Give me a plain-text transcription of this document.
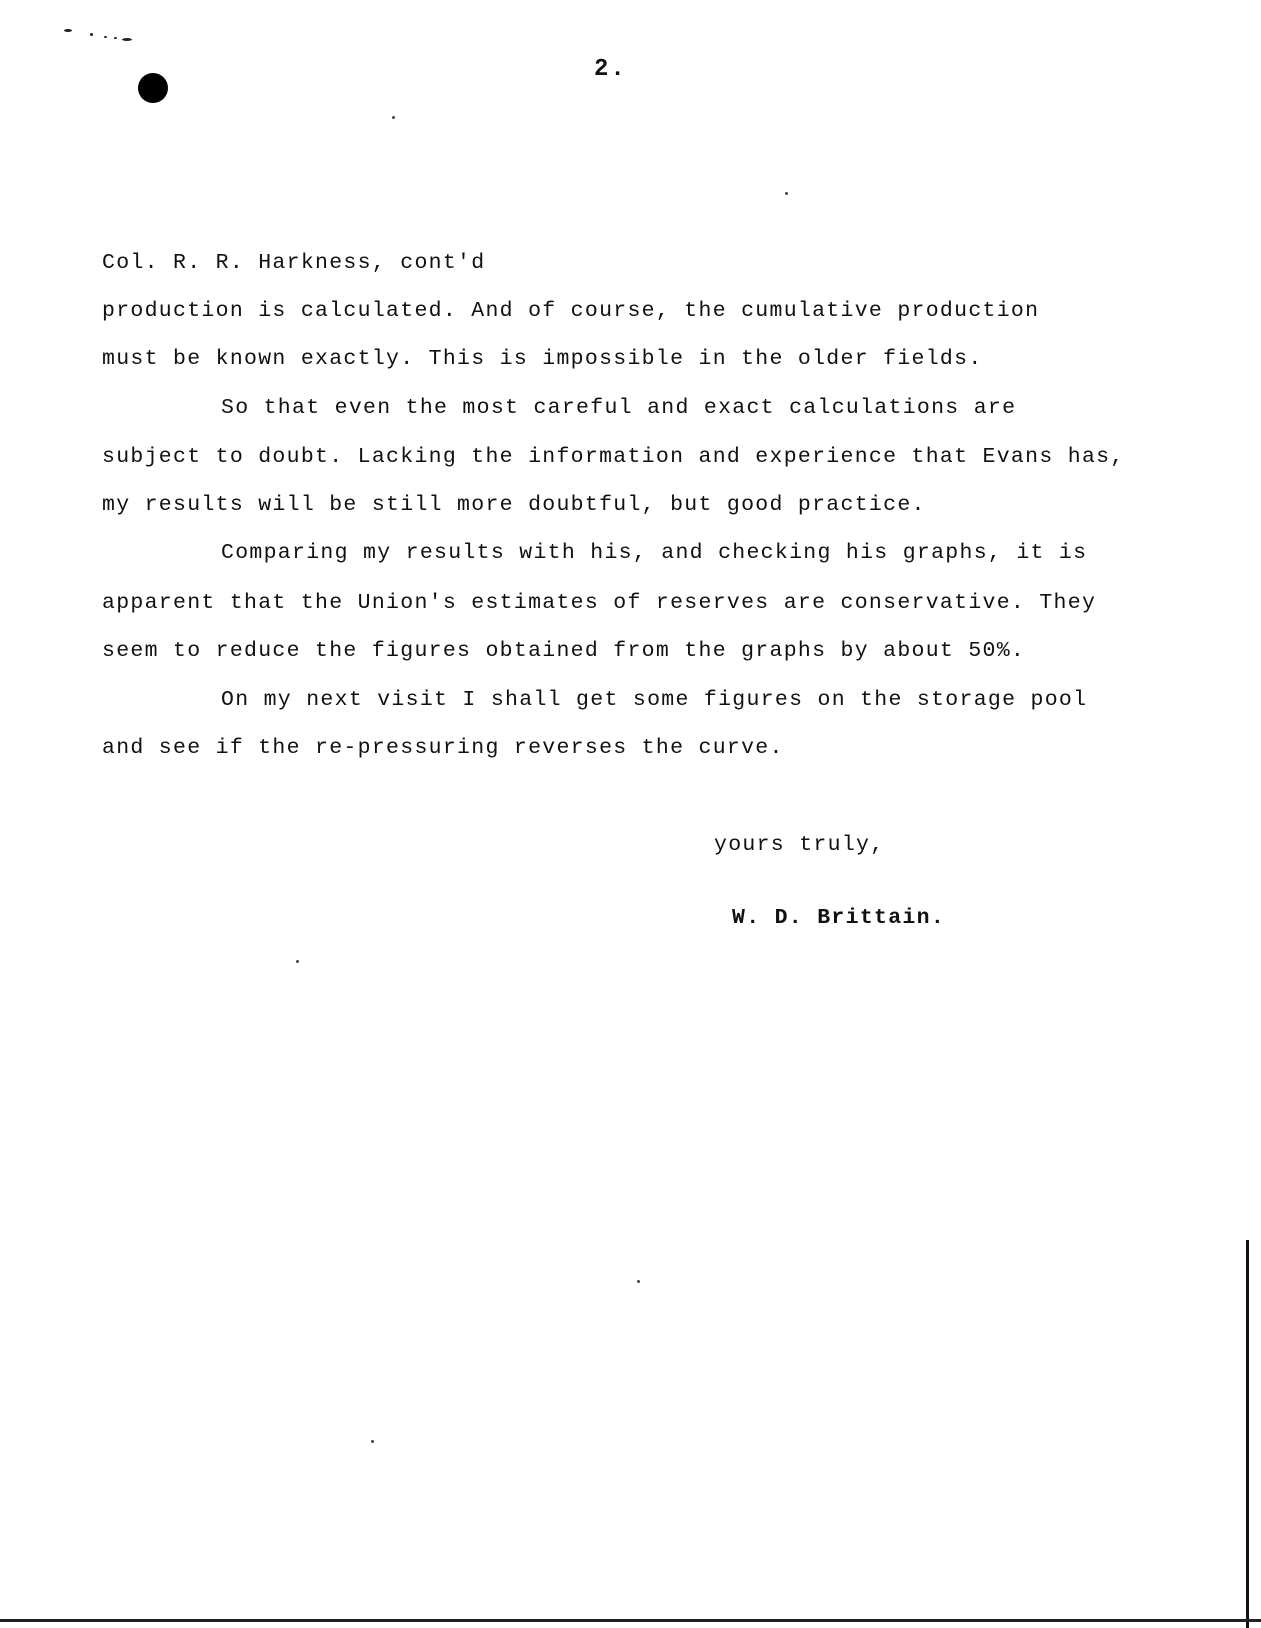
2.
Col. R. R. Harkness, cont'd
production is calculated. And of course, the cumulative production
must be known exactly. This is impossible in the older fields.
So that even the most careful and exact calculations are
subject to doubt. Lacking the information and experience that Evans has,
my results will be still more doubtful, but good practice.
Comparing my results with his, and checking his graphs, it is
apparent that the Union's estimates of reserves are conservative. They
seem to reduce the figures obtained from the graphs by about 50%.
On my next visit I shall get some figures on the storage pool
and see if the re-pressuring reverses the curve.
yours truly,
W. D. Brittain.
